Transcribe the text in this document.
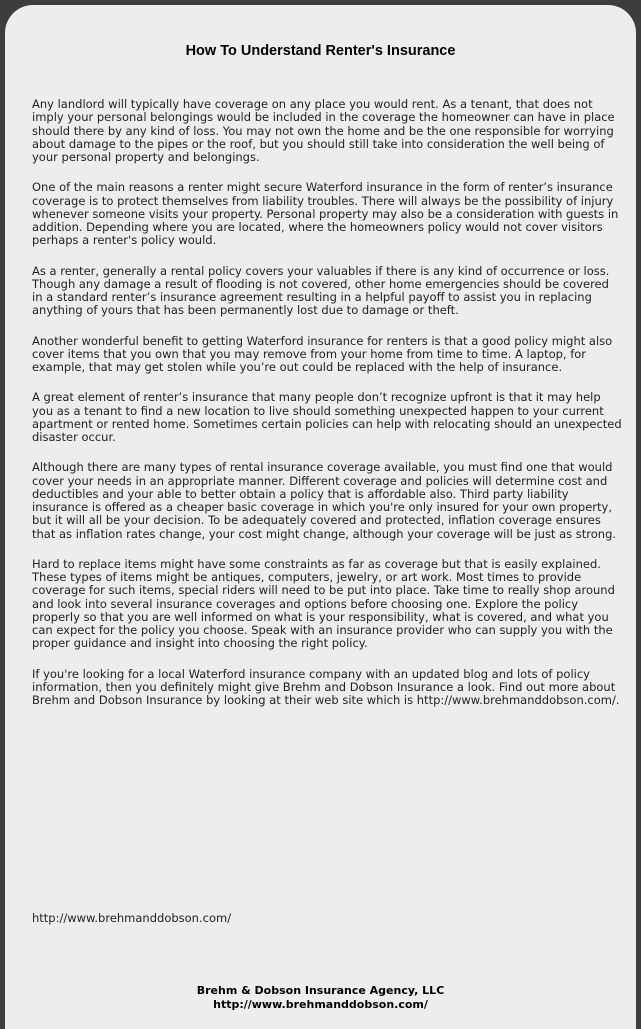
How To Understand Renter's Insurance

Any landlord will typically have coverage on any place you would rent. As a tenant, that does not imply your personal belongings would be included in the coverage the homeowner can have in place should there by any kind of loss. You may not own the home and be the one responsible for worrying about damage to the pipes or the roof, but you should still take into consideration the well being of your personal property and belongings.

One of the main reasons a renter might secure Waterford insurance in the form of renter’s insurance coverage is to protect themselves from liability troubles. There will always be the possibility of injury whenever someone visits your property. Personal property may also be a consideration with guests in addition. Depending where you are located, where the homeowners policy would not cover visitors perhaps a renter's policy would.

As a renter, generally a rental policy covers your valuables if there is any kind of occurrence or loss. Though any damage a result of flooding is not covered, other home emergencies should be covered in a standard renter’s insurance agreement resulting in a helpful payoff to assist you in replacing anything of yours that has been permanently lost due to damage or theft.

Another wonderful benefit to getting Waterford insurance for renters is that a good policy might also cover items that you own that you may remove from your home from time to time. A laptop, for example, that may get stolen while you’re out could be replaced with the help of insurance.

A great element of renter’s insurance that many people don’t recognize upfront is that it may help you as a tenant to find a new location to live should something unexpected happen to your current apartment or rented home. Sometimes certain policies can help with relocating should an unexpected disaster occur.

Although there are many types of rental insurance coverage available, you must find one that would cover your needs in an appropriate manner. Different coverage and policies will determine cost and deductibles and your able to better obtain a policy that is affordable also. Third party liability insurance is offered as a cheaper basic coverage in which you're only insured for your own property, but it will all be your decision. To be adequately covered and protected, inflation coverage ensures that as inflation rates change, your cost might change, although your coverage will be just as strong.

Hard to replace items might have some constraints as far as coverage but that is easily explained. These types of items might be antiques, computers, jewelry, or art work. Most times to provide coverage for such items, special riders will need to be put into place. Take time to really shop around and look into several insurance coverages and options before choosing one. Explore the policy properly so that you are well informed on what is your responsibility, what is covered, and what you can expect for the policy you choose. Speak with an insurance provider who can supply you with the proper guidance and insight into choosing the right policy.

If you're looking for a local Waterford insurance company with an updated blog and lots of policy information, then you definitely might give Brehm and Dobson Insurance a look. Find out more about Brehm and Dobson Insurance by looking at their web site which is http://www.brehmanddobson.com/.

http://www.brehmanddobson.com/
Brehm & Dobson Insurance Agency, LLC
http://www.brehmanddobson.com/
